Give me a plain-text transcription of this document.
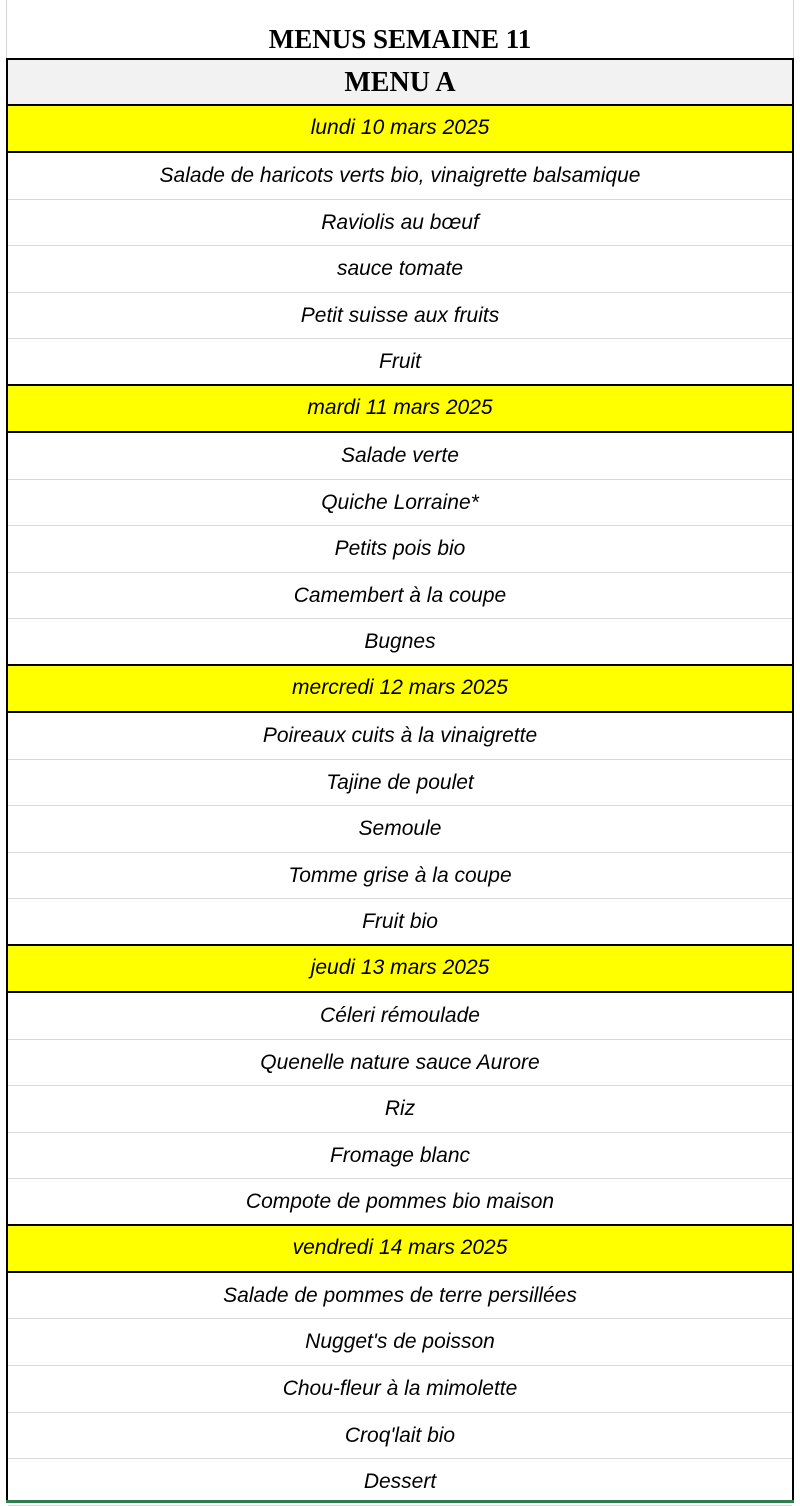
MENUS SEMAINE 11
MENU A
lundi 10 mars 2025
Salade de haricots verts bio, vinaigrette balsamique
Raviolis au bœuf
sauce tomate
Petit suisse aux fruits
Fruit
mardi 11 mars 2025
Salade verte
Quiche Lorraine*
Petits pois bio
Camembert à la coupe
Bugnes
mercredi 12 mars 2025
Poireaux cuits à la vinaigrette
Tajine de poulet
Semoule
Tomme grise à la coupe
Fruit bio
jeudi 13 mars 2025
Céleri rémoulade
Quenelle nature sauce Aurore
Riz
Fromage blanc
Compote de pommes bio maison
vendredi 14 mars 2025
Salade de pommes de terre persillées
Nugget's de poisson
Chou-fleur à la mimolette
Croq'lait bio
Dessert
